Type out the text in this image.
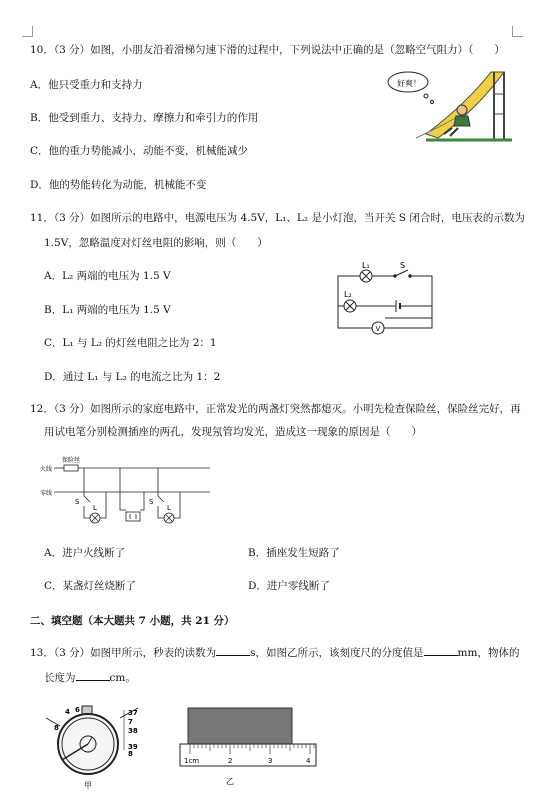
10．（3 分）如图，小朋友沿着滑梯匀速下滑的过程中，下列说法中正确的是（忽略空气阻力）（　　）
A．他只受重力和支持力
B．他受到重力、支持力、摩擦力和牵引力的作用
C．他的重力势能减小，动能不变，机械能减少
D．他的势能转化为动能，机械能不变
好爽！
11．（3 分）如图所示的电路中，电源电压为 4.5V，L₁、L₂ 是小灯泡，当开关 S 闭合时，电压表的示数为
1.5V，忽略温度对灯丝电阻的影响，则（　　）
A．L₂ 两端的电压为 1.5 V
B．L₁ 两端的电压为 1.5 V
C．L₁ 与 L₂ 的灯丝电阻之比为 2：1
D．通过 L₁ 与 L₂ 的电流之比为 1：2
L₁	S
L₂
V
12．（3 分）如图所示的家庭电路中，正常发光的两盏灯突然都熄灭。小明先检查保险丝，保险丝完好，再
用试电笔分别检测插座的两孔，发现氖管均发光，造成这一现象的原因是（　　）
火线
零线
保险丝
S
L
S
L
A．进户火线断了	B．插座发生短路了
C．某盏灯丝烧断了	D．进户零线断了
二、填空题（本大题共 7 小题，共 21 分）
13．（3 分）如图甲所示，秒表的读数为	s，如图乙所示，该刻度尺的分度值是	mm，物体的
长度为	cm。
37
7
38
39
8
4 6
8
甲
1cm	2	3	4
乙
